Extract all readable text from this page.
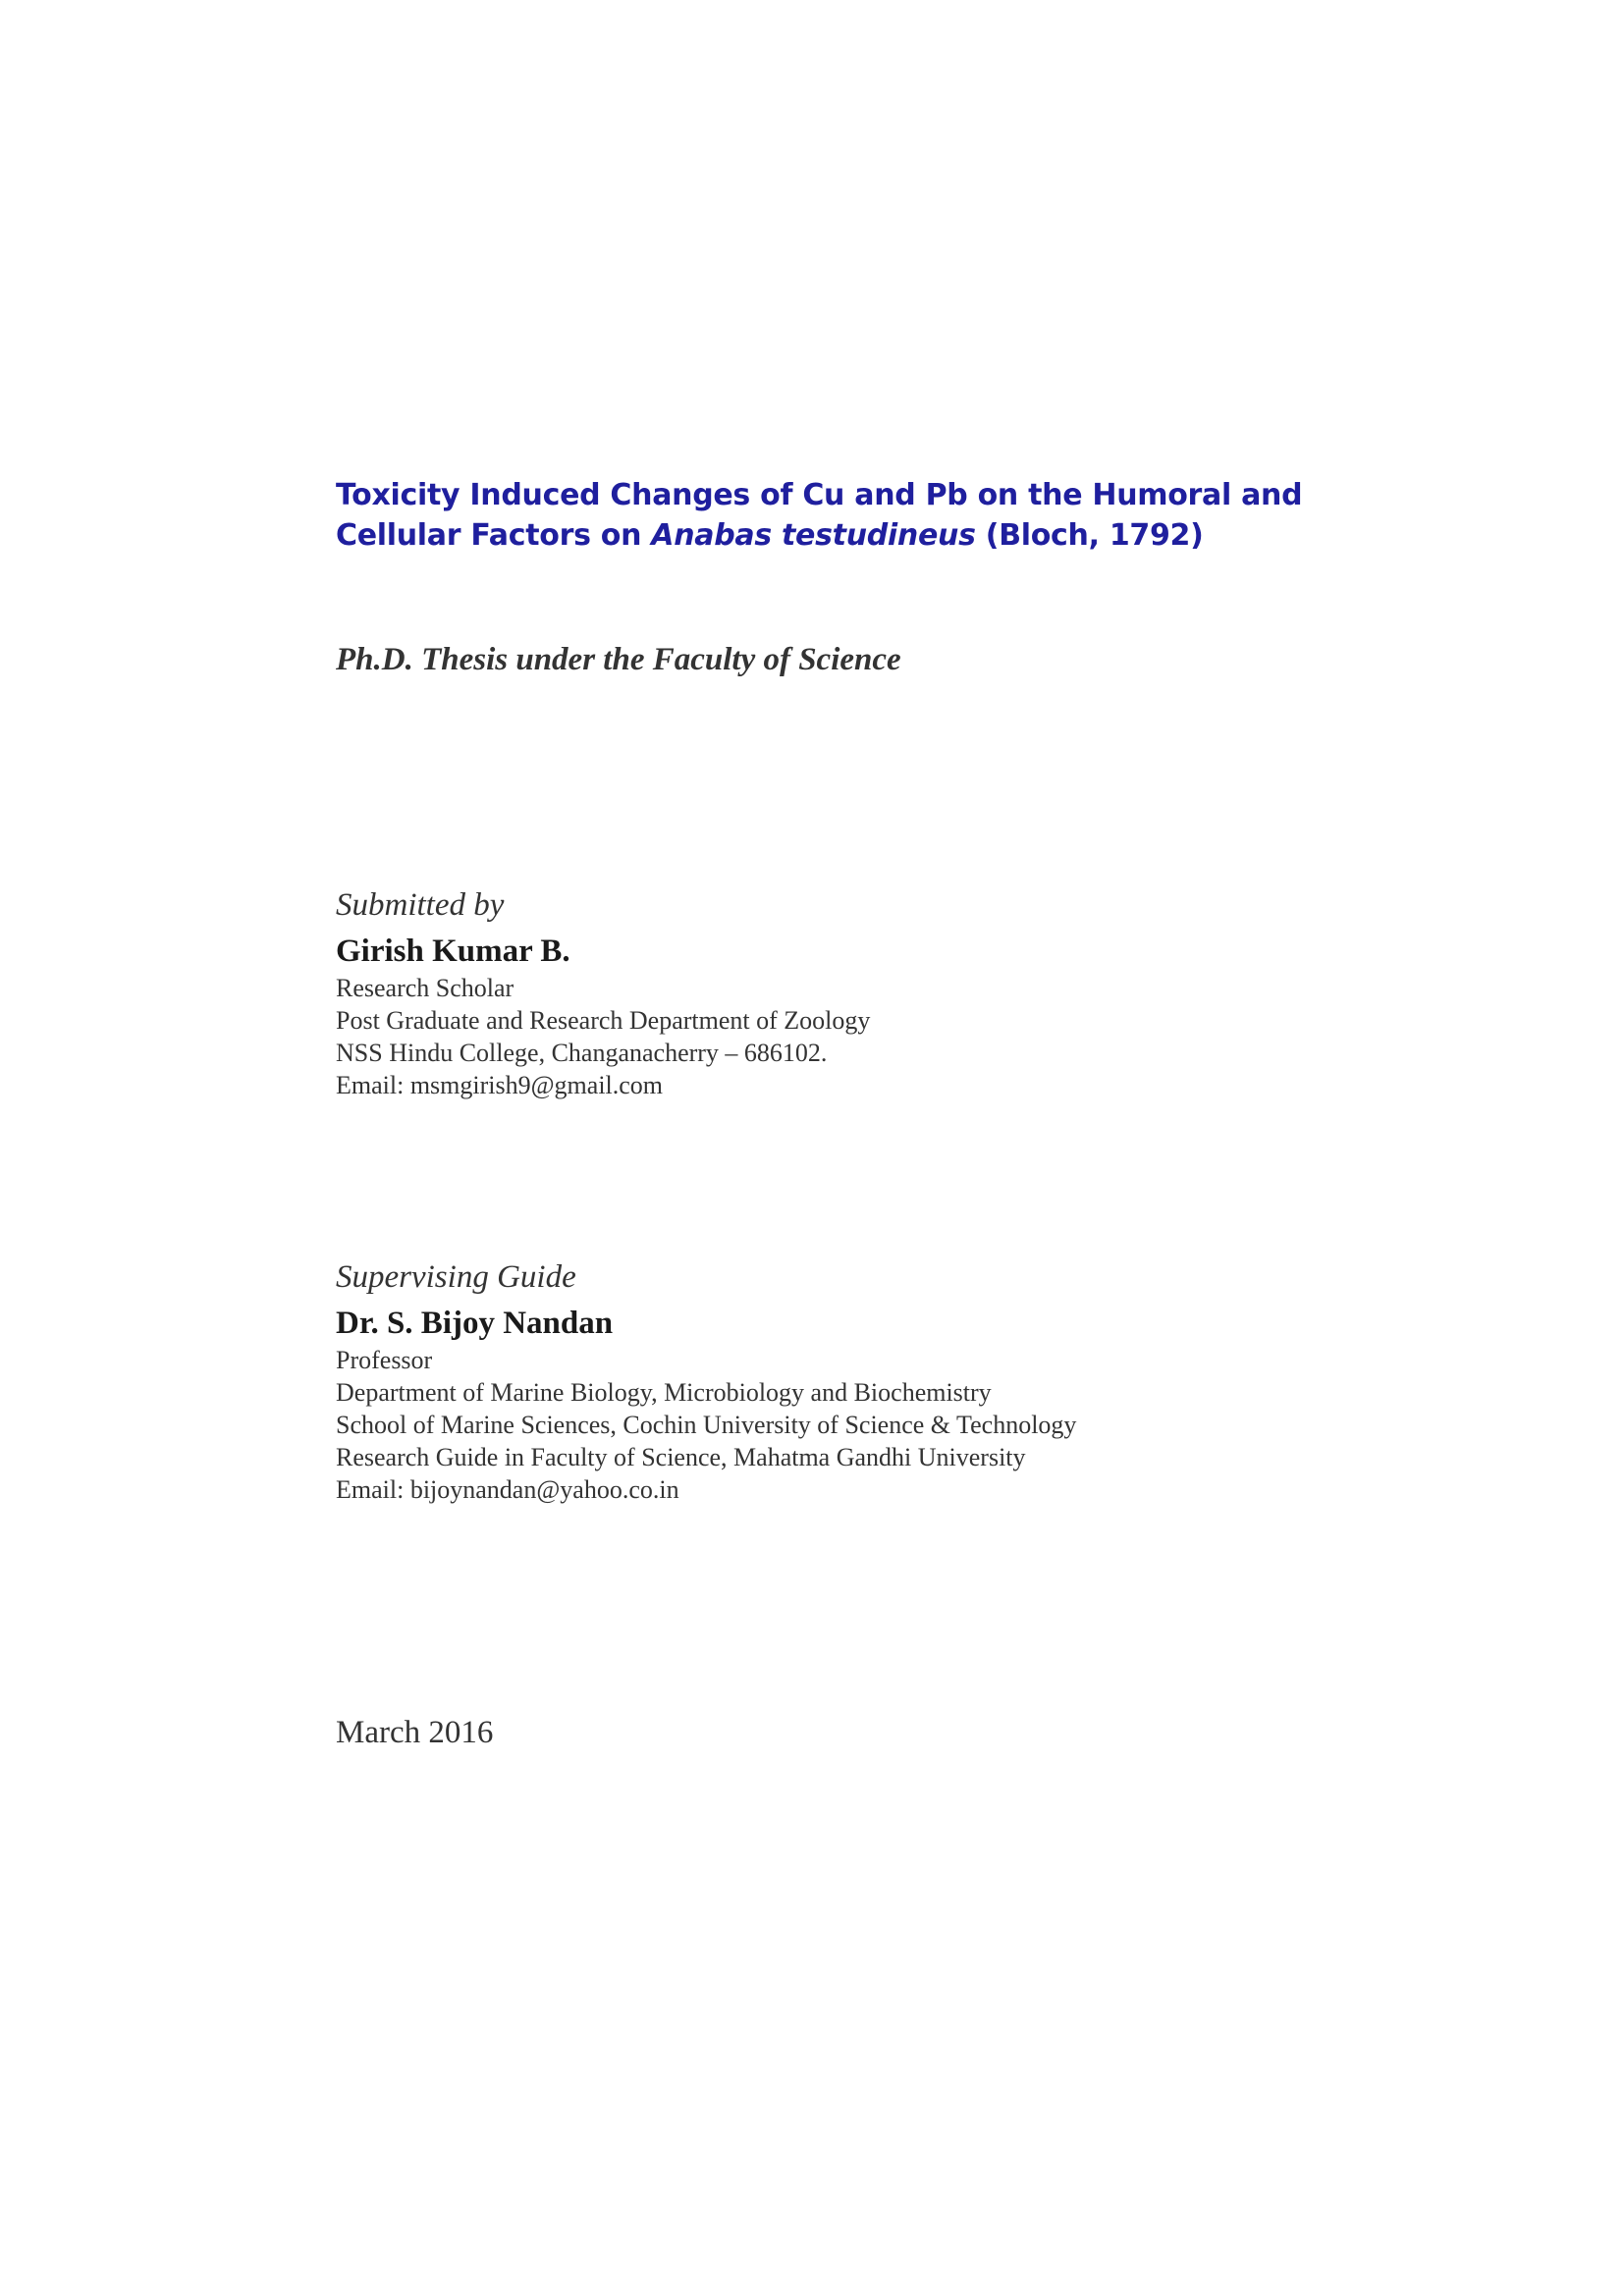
Toxicity Induced Changes of Cu and Pb on the Humoral and
Cellular Factors on Anabas testudineus (Bloch, 1792)
Ph.D. Thesis under the Faculty of Science
Submitted by
Girish Kumar B.
Research Scholar
Post Graduate and Research Department of Zoology
NSS Hindu College, Changanacherry – 686102.
Email: msmgirish9@gmail.com
Supervising Guide
Dr. S. Bijoy Nandan
Professor
Department of Marine Biology, Microbiology and Biochemistry
School of Marine Sciences, Cochin University of Science & Technology
Research Guide in Faculty of Science, Mahatma Gandhi University
Email: bijoynandan@yahoo.co.in
March 2016
